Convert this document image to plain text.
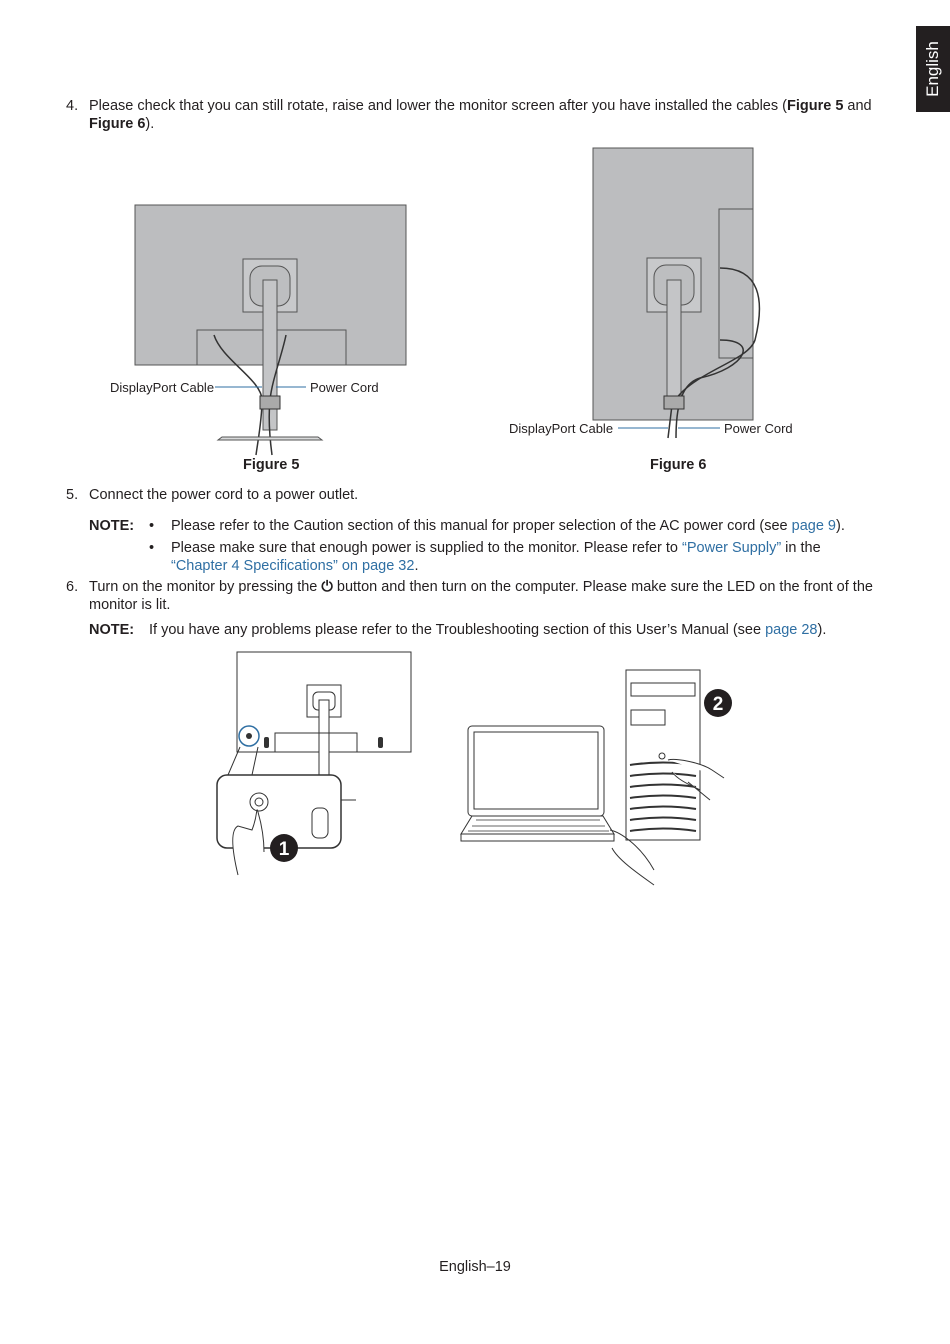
English
4. Please check that you can still rotate, raise and lower the monitor screen after you have installed the cables (Figure 5 and Figure 6).
DisplayPort Cable	Power Cord
Figure 5
DisplayPort Cable	Power Cord
Figure 6
5. Connect the power cord to a power outlet.
NOTE: • Please refer to the Caution section of this manual for proper selection of the AC power cord (see page 9).
• Please make sure that enough power is supplied to the monitor. Please refer to “Power Supply” in the “Chapter 4 Specifications” on page 32.
6. Turn on the monitor by pressing the ⏻ button and then turn on the computer. Please make sure the LED on the front of the monitor is lit.
NOTE: If you have any problems please refer to the Troubleshooting section of this User’s Manual (see page 28).
1
2
English–19
